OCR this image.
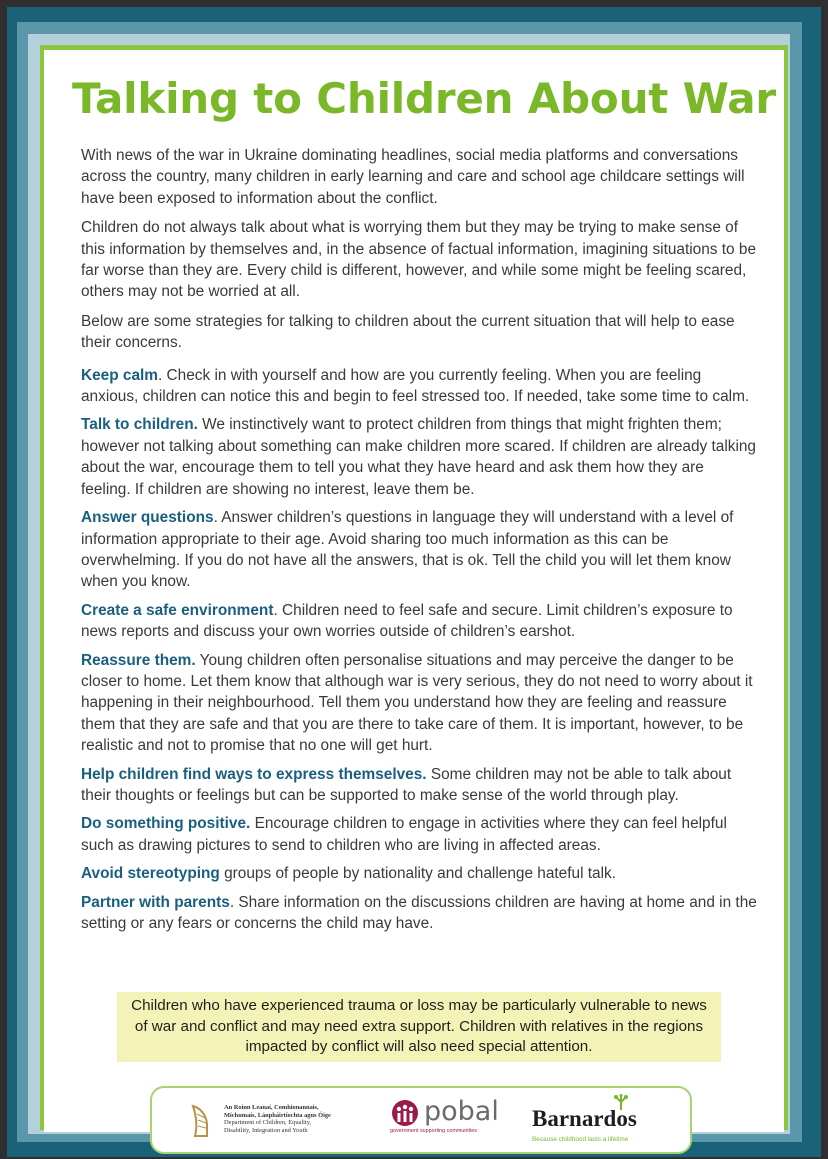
Talking to Children About War

With news of the war in Ukraine dominating headlines, social media platforms and conversations across the country, many children in early learning and care and school age childcare settings will have been exposed to information about the conflict.

Children do not always talk about what is worrying them but they may be trying to make sense of this information by themselves and, in the absence of factual information, imagining situations to be far worse than they are. Every child is different, however, and while some might be feeling scared, others may not be worried at all.

Below are some strategies for talking to children about the current situation that will help to ease their concerns.

Keep calm. Check in with yourself and how are you currently feeling. When you are feeling anxious, children can notice this and begin to feel stressed too. If needed, take some time to calm.

Talk to children. We instinctively want to protect children from things that might frighten them; however not talking about something can make children more scared. If children are already talking about the war, encourage them to tell you what they have heard and ask them how they are feeling. If children are showing no interest, leave them be.

Answer questions. Answer children’s questions in language they will understand with a level of information appropriate to their age. Avoid sharing too much information as this can be overwhelming. If you do not have all the answers, that is ok. Tell the child you will let them know when you know.

Create a safe environment. Children need to feel safe and secure. Limit children’s exposure to news reports and discuss your own worries outside of children’s earshot.

Reassure them. Young children often personalise situations and may perceive the danger to be closer to home. Let them know that although war is very serious, they do not need to worry about it happening in their neighbourhood. Tell them you understand how they are feeling and reassure them that they are safe and that you are there to take care of them. It is important, however, to be realistic and not to promise that no one will get hurt.

Help children find ways to express themselves. Some children may not be able to talk about their thoughts or feelings but can be supported to make sense of the world through play.

Do something positive. Encourage children to engage in activities where they can feel helpful such as drawing pictures to send to children who are living in affected areas.

Avoid stereotyping groups of people by nationality and challenge hateful talk.

Partner with parents. Share information on the discussions children are having at home and in the setting or any fears or concerns the child may have.

Children who have experienced trauma or loss may be particularly vulnerable to news of war and conflict and may need extra support. Children with relatives in the regions impacted by conflict will also need special attention.
An Roinn Leanaí, Comhionannais,
Míchumais, Lánpháirtíochta agus Óige
Department of Children, Equality,
Disability, Integration and Youth
pobal
government supporting communities	Barnardos
Because childhood lasts a lifetime
